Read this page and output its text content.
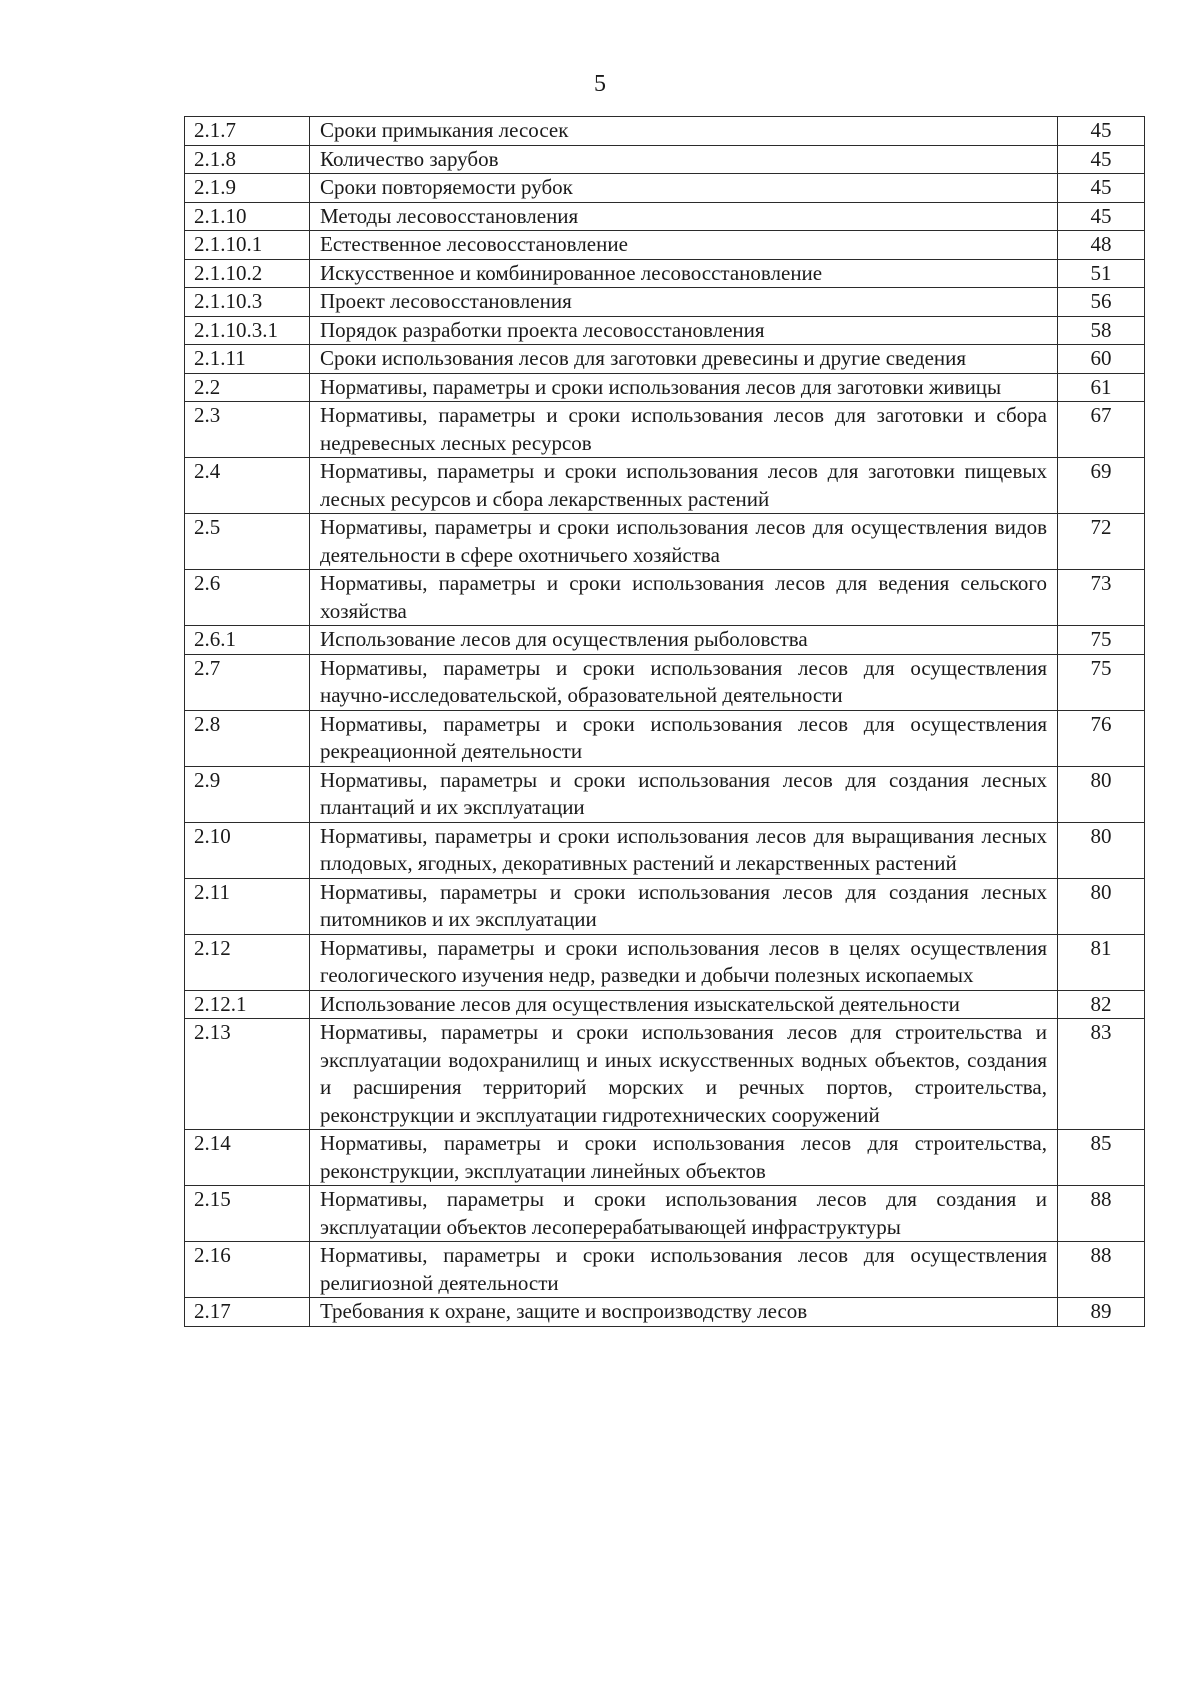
5
2.1.7	Сроки примыкания лесосек	45
2.1.8	Количество зарубов	45
2.1.9	Сроки повторяемости рубок	45
2.1.10	Методы лесовосстановления	45
2.1.10.1	Естественное лесовосстановление	48
2.1.10.2	Искусственное и комбинированное лесовосстановление	51
2.1.10.3	Проект лесовосстановления	56
2.1.10.3.1	Порядок разработки проекта лесовосстановления	58
2.1.11	Сроки использования лесов для заготовки древесины и другие сведения	60
2.2	Нормативы, параметры и сроки использования лесов для заготовки живицы	61
2.3	Нормативы, параметры и сроки использования лесов для заготовки и сбора недревесных лесных ресурсов	67
2.4	Нормативы, параметры и сроки использования лесов для заготовки пищевых лесных ресурсов и сбора лекарственных растений	69
2.5	Нормативы, параметры и сроки использования лесов для осуществления видов деятельности в сфере охотничьего хозяйства	72
2.6	Нормативы, параметры и сроки использования лесов для ведения сельского хозяйства	73
2.6.1	Использование лесов для осуществления рыболовства	75
2.7	Нормативы, параметры и сроки использования лесов для осуществления научно-исследовательской, образовательной деятельности	75
2.8	Нормативы, параметры и сроки использования лесов для осуществления рекреационной деятельности	76
2.9	Нормативы, параметры и сроки использования лесов для создания лесных плантаций и их эксплуатации	80
2.10	Нормативы, параметры и сроки использования лесов для выращивания лесных плодовых, ягодных, декоративных растений и лекарственных растений	80
2.11	Нормативы, параметры и сроки использования лесов для создания лесных питомников и их эксплуатации	80
2.12	Нормативы, параметры и сроки использования лесов в целях осуществления геологического изучения недр, разведки и добычи полезных ископаемых	81
2.12.1	Использование лесов для осуществления изыскательской деятельности	82
2.13	Нормативы, параметры и сроки использования лесов для строительства и эксплуатации водохранилищ и иных искусственных водных объектов, создания и расширения территорий морских и речных портов, строительства, реконструкции и эксплуатации гидротехнических сооружений	83
2.14	Нормативы, параметры и сроки использования лесов для строительства, реконструкции, эксплуатации линейных объектов	85
2.15	Нормативы, параметры и сроки использования лесов для создания и эксплуатации объектов лесоперерабатывающей инфраструктуры	88
2.16	Нормативы, параметры и сроки использования лесов для осуществления религиозной деятельности	88
2.17	Требования к охране, защите и воспроизводству лесов	89
